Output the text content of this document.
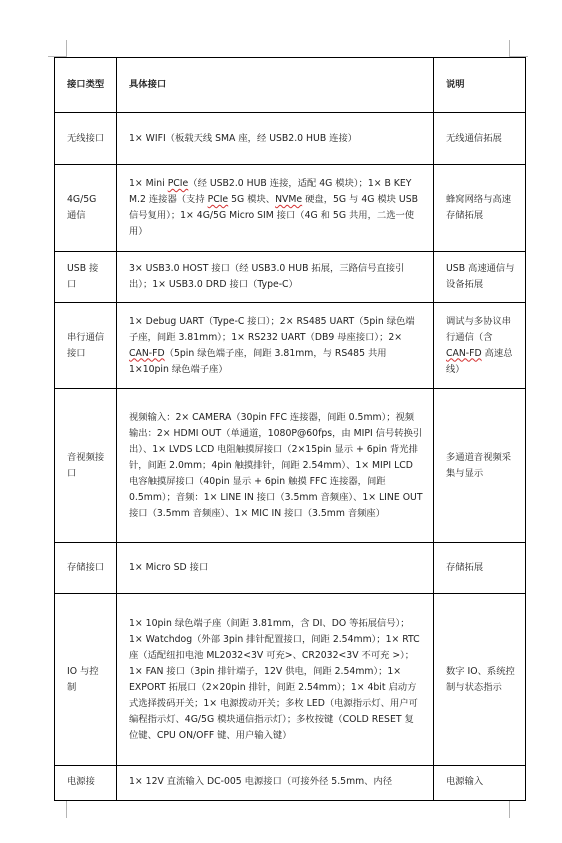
接口类型	具体接口	说明
无线接口	1× WIFI（板载天线 SMA 座，经 USB2.0 HUB 连接）	无线通信拓展
4G/5G 通信	1× Mini PCIe（经 USB2.0 HUB 连接，适配 4G 模块）；1× B KEY M.2 连接器（支持 PCIe 5G 模块、NVMe 硬盘，5G 与 4G 模块 USB 信号复用）；1× 4G/5G Micro SIM 接口（4G 和 5G 共用，二选一使用）	蜂窝网络与高速存储拓展
USB 接口	3× USB3.0 HOST 接口（经 USB3.0 HUB 拓展，三路信号直接引出）；1× USB3.0 DRD 接口（Type-C）	USB 高速通信与设备拓展
串行通信接口	1× Debug UART（Type-C 接口）；2× RS485 UART（5pin 绿色端子座，间距 3.81mm）；1× RS232 UART（DB9 母座接口）；2× CAN-FD（5pin 绿色端子座，间距 3.81mm，与 RS485 共用 1×10pin 绿色端子座）	调试与多协议串行通信（含 CAN-FD 高速总线）
音视频接口	视频输入：2× CAMERA（30pin FFC 连接器，间距 0.5mm）；视频输出：2× HDMI OUT（单通道，1080P@60fps，由 MIPI 信号转换引出）、1× LVDS LCD 电阻触摸屏接口（2×15pin 显示 + 6pin 背光排针，间距 2.0mm；4pin 触摸排针，间距 2.54mm）、1× MIPI LCD 电容触摸屏接口（40pin 显示 + 6pin 触摸 FFC 连接器，间距 0.5mm）；音频：1× LINE IN 接口（3.5mm 音频座）、1× LINE OUT 接口（3.5mm 音频座）、1× MIC IN 接口（3.5mm 音频座）	多通道音视频采集与显示
存储接口	1× Micro SD 接口	存储拓展
IO 与控制	1× 10pin 绿色端子座（间距 3.81mm，含 DI、DO 等拓展信号）；1× Watchdog（外部 3pin 排针配置接口，间距 2.54mm）；1× RTC 座（适配纽扣电池 ML2032<3V 可充>、CR2032<3V 不可充 >）；1× FAN 接口（3pin 排针端子，12V 供电，间距 2.54mm）；1× EXPORT 拓展口（2×20pin 排针，间距 2.54mm）；1× 4bit 启动方式选择拨码开关；1× 电源拨动开关；多枚 LED（电源指示灯、用户可编程指示灯、4G/5G 模块通信指示灯）；多枚按键（COLD RESET 复位键、CPU ON/OFF 键、用户输入键）	数字 IO、系统控制与状态指示
电源接	1× 12V 直流输入 DC-005 电源接口（可接外径 5.5mm、内径	电源输入
